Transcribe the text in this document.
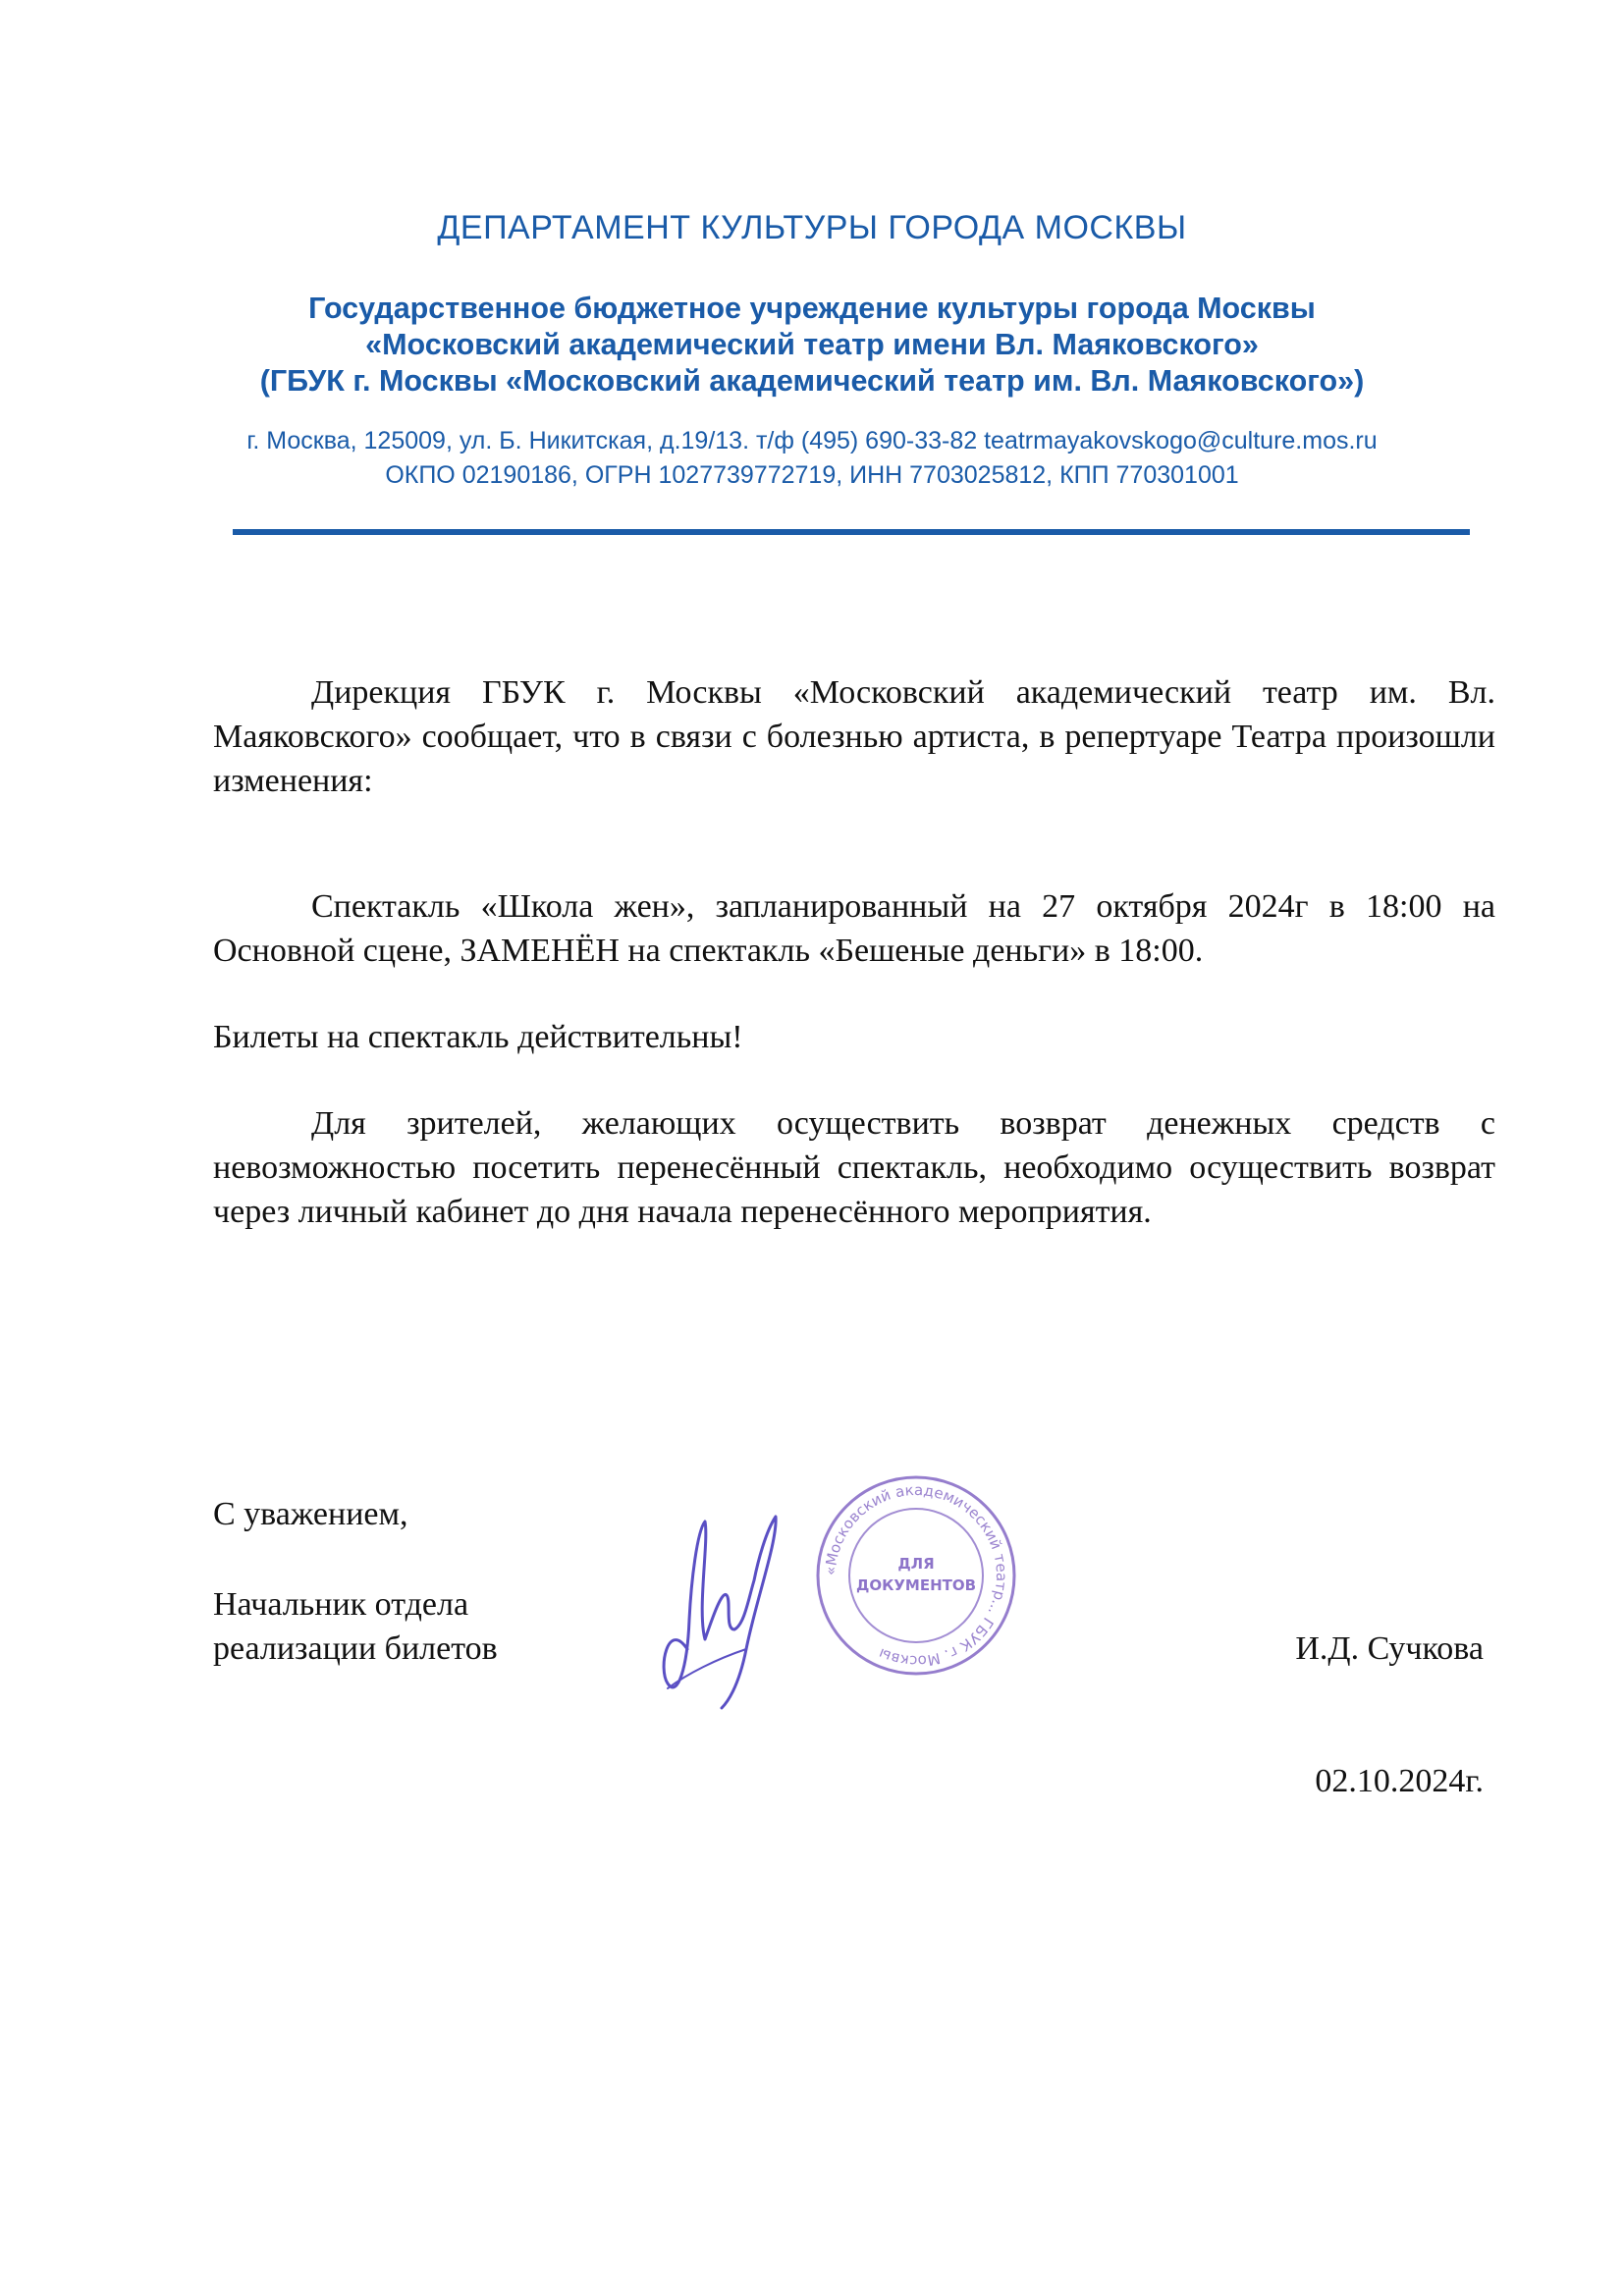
ДЕПАРТАМЕНТ КУЛЬТУРЫ ГОРОДА МОСКВЫ
Государственное бюджетное учреждение культуры города Москвы
«Московский академический театр имени Вл. Маяковского»
(ГБУК г. Москвы «Московский академический театр им. Вл. Маяковского»)
г. Москва, 125009, ул. Б. Никитская, д.19/13. т/ф (495) 690-33-82 teatrmayakovskogo@culture.mos.ru
ОКПО 02190186, ОГРН 1027739772719, ИНН 7703025812, КПП 770301001
Дирекция ГБУК г. Москвы «Московский академический театр им. Вл. Маяковского» сообщает, что в связи с болезнью артиста, в репертуаре Театра произошли изменения:
Спектакль «Школа жен», запланированный на 27 октября 2024г в 18:00 на Основной сцене, ЗАМЕНЁН на спектакль «Бешеные деньги» в 18:00.
Билеты на спектакль действительны!
Для зрителей, желающих осуществить возврат денежных средств с невозможностью посетить перенесённый спектакль, необходимо осуществить возврат через личный кабинет до дня начала перенесённого мероприятия.
С уважением,
Начальник отдела
реализации билетов	И.Д. Сучкова
02.10.2024г.
«Московский академический театр... ГБУК г. Москвы
ДЛЯ
ДОКУМЕНТОВ
